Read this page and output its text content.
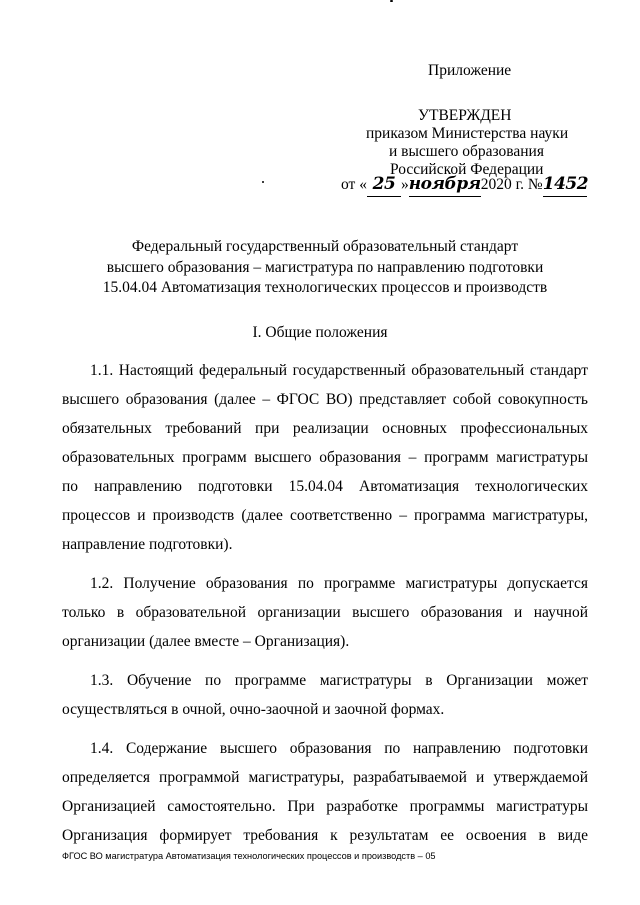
Приложение
УТВЕРЖДЕН
приказом Министерства науки
и высшего образования
Российской Федерации
от « 25 »ноября2020 г. №1452
Федеральный государственный образовательный стандарт
высшего образования – магистратура по направлению подготовки
15.04.04 Автоматизация технологических процессов и производств
I. Общие положения
1.1. Настоящий федеральный государственный образовательный стандарт
высшего образования (далее – ФГОС ВО) представляет собой совокупность
обязательных требований при реализации основных профессиональных
образовательных программ высшего образования – программ магистратуры
по направлению подготовки 15.04.04 Автоматизация технологических
процессов и производств (далее соответственно – программа магистратуры,
направление подготовки).
1.2. Получение образования по программе магистратуры допускается
только в образовательной организации высшего образования и научной
организации (далее вместе – Организация).
1.3. Обучение по программе магистратуры в Организации может
осуществляться в очной, очно-заочной и заочной формах.
1.4. Содержание высшего образования по направлению подготовки
определяется программой магистратуры, разрабатываемой и утверждаемой
Организацией самостоятельно. При разработке программы магистратуры
Организация формирует требования к результатам ее освоения в виде
ФГОС ВО магистратура Автоматизация технологических процессов и производств – 05
